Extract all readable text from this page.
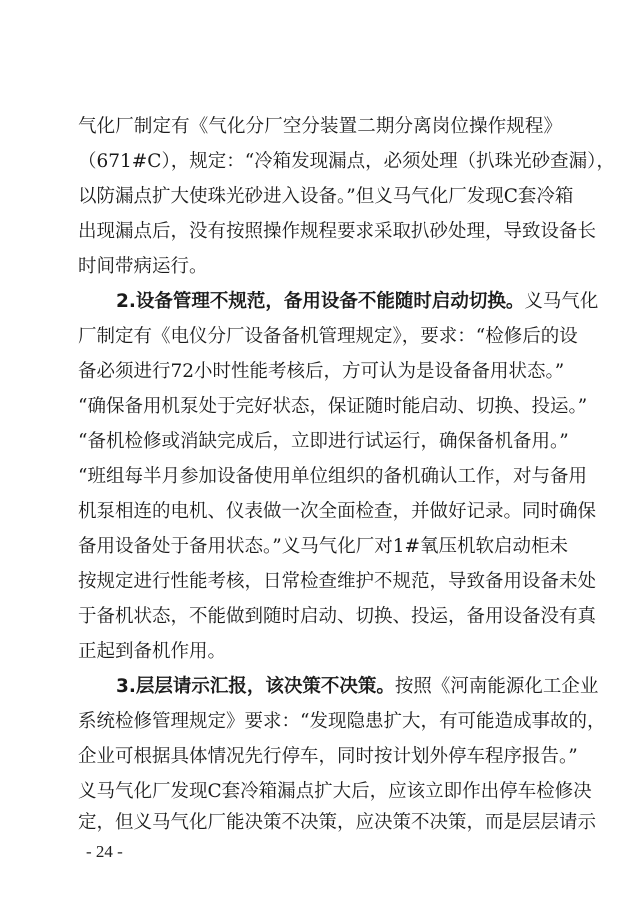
气化厂制定有《气化分厂空分装置二期分离岗位操作规程》
（671#C），规定：“冷箱发现漏点，必须处理（扒珠光砂查漏），
以防漏点扩大使珠光砂进入设备。”但义马气化厂发现C套冷箱
出现漏点后，没有按照操作规程要求采取扒砂处理，导致设备长
时间带病运行。
2.设备管理不规范，备用设备不能随时启动切换。义马气化
厂制定有《电仪分厂设备备机管理规定》，要求：“检修后的设
备必须进行72小时性能考核后，方可认为是设备备用状态。”
“确保备用机泵处于完好状态，保证随时能启动、切换、投运。”
“备机检修或消缺完成后，立即进行试运行，确保备机备用。”
“班组每半月参加设备使用单位组织的备机确认工作，对与备用
机泵相连的电机、仪表做一次全面检查，并做好记录。同时确保
备用设备处于备用状态。”义马气化厂对1#氧压机软启动柜未
按规定进行性能考核，日常检查维护不规范，导致备用设备未处
于备机状态，不能做到随时启动、切换、投运，备用设备没有真
正起到备机作用。
3.层层请示汇报，该决策不决策。按照《河南能源化工企业
系统检修管理规定》要求：“发现隐患扩大，有可能造成事故的，
企业可根据具体情况先行停车，同时按计划外停车程序报告。”
义马气化厂发现C套冷箱漏点扩大后，应该立即作出停车检修决
定，但义马气化厂能决策不决策，应决策不决策，而是层层请示
- 24 -
